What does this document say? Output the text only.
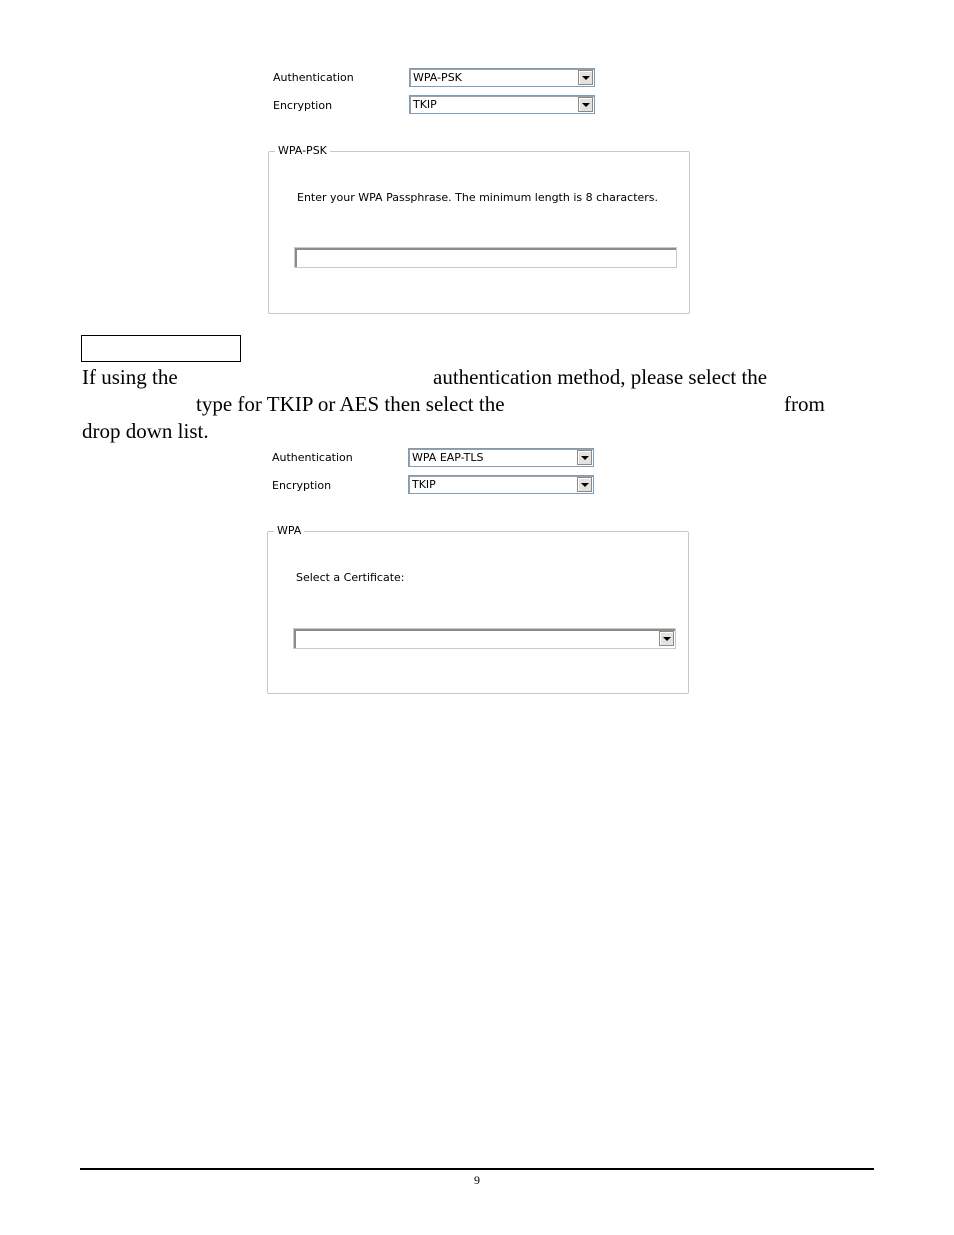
Authentication	WPA-PSK
Encryption	TKIP
WPA-PSK
Enter your WPA Passphrase. The minimum length is 8 characters.
If using the	authentication method, please select the
type for TKIP or AES then select the	from
drop down list.
Authentication	WPA EAP-TLS
Encryption	TKIP
WPA
Select a Certificate:
9
